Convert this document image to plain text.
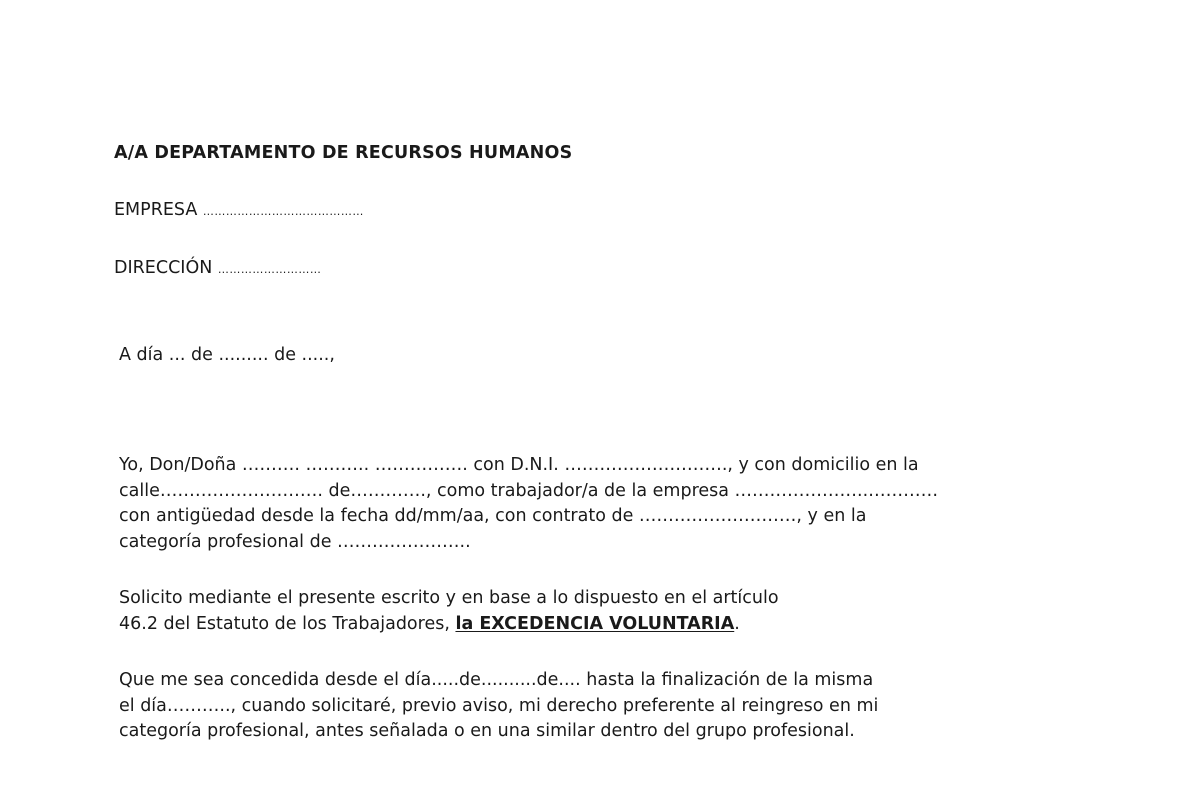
A/A DEPARTAMENTO DE RECURSOS HUMANOS
EMPRESA ……………………………………
DIRECCIÓN ………………………
A día ... de ......... de .....,
Yo, Don/Doña ………. ……….. ……………. con D.N.I. ………………………., y con domicilio en la
calle………………………. de…………., como trabajador/a de la empresa …………………..…………
con antigüedad desde la fecha dd/mm/aa, con contrato de ………………………, y en la
categoría profesional de …………………..
Solicito mediante el presente escrito y en base a lo dispuesto en el artículo
46.2 del Estatuto de los Trabajadores, la EXCEDENCIA VOLUNTARIA.
Que me sea concedida desde el día.....de..........de.... hasta la finalización de la misma
el día……….., cuando solicitaré, previo aviso, mi derecho preferente al reingreso en mi
categoría profesional, antes señalada o en una similar dentro del grupo profesional.
